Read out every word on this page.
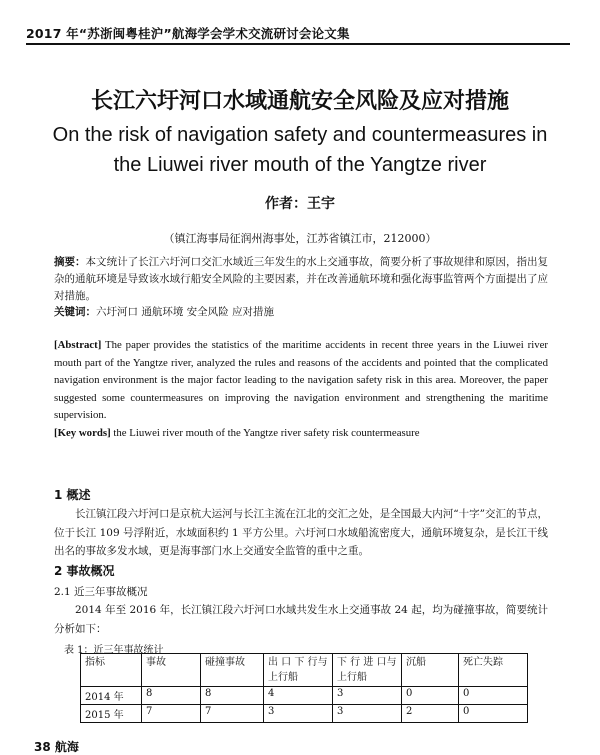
2017 年“苏浙闽粤桂沪”航海学会学术交流研讨会论文集
长江六圩河口水域通航安全风险及应对措施
On the risk of navigation safety and countermeasures in the Liuwei river mouth of the Yangtze river
作者：王宇
（镇江海事局征润州海事处，江苏省镇江市，212000）
摘要：本文统计了长江六圩河口交汇水域近三年发生的水上交通事故，简要分析了事故规律和原因，指出复杂的通航环境是导致该水域行船安全风险的主要因素，并在改善通航环境和强化海事监管两个方面提出了应对措施。
关键词：六圩河口 通航环境 安全风险 应对措施
[Abstract] The paper provides the statistics of the maritime accidents in recent three years in the Liuwei river mouth part of the Yangtze river, analyzed the rules and reasons of the accidents and pointed that the complicated navigation environment is the major factor leading to the navigation safety risk in this area. Moreover, the paper suggested some countermeasures on improving the navigation environment and strengthening the maritime supervision.
[Key words] the Liuwei river mouth of the Yangtze river safety risk countermeasure
1 概述
长江镇江段六圩河口是京杭大运河与长江主流在江北的交汇之处，是全国最大内河“十字”交汇的节点，位于长江 109 号浮附近，水域面积约 1 平方公里。六圩河口水域船流密度大，通航环境复杂，是长江干线出名的事故多发水域，更是海事部门水上交通安全监管的重中之重。
2 事故概况
2.1 近三年事故概况
2014 年至 2016 年，长江镇江段六圩河口水域共发生水上交通事故 24 起，均为碰撞事故，简要统计分析如下：
表 1：近三年事故统计
指标	事故	碰撞事故	出 口 下 行与上行船	下 行 进 口与上行船	沉船	死亡失踪
2014 年	8	8	4	3	0	0
2015 年	7	7	3	3	2	0
38 航海
